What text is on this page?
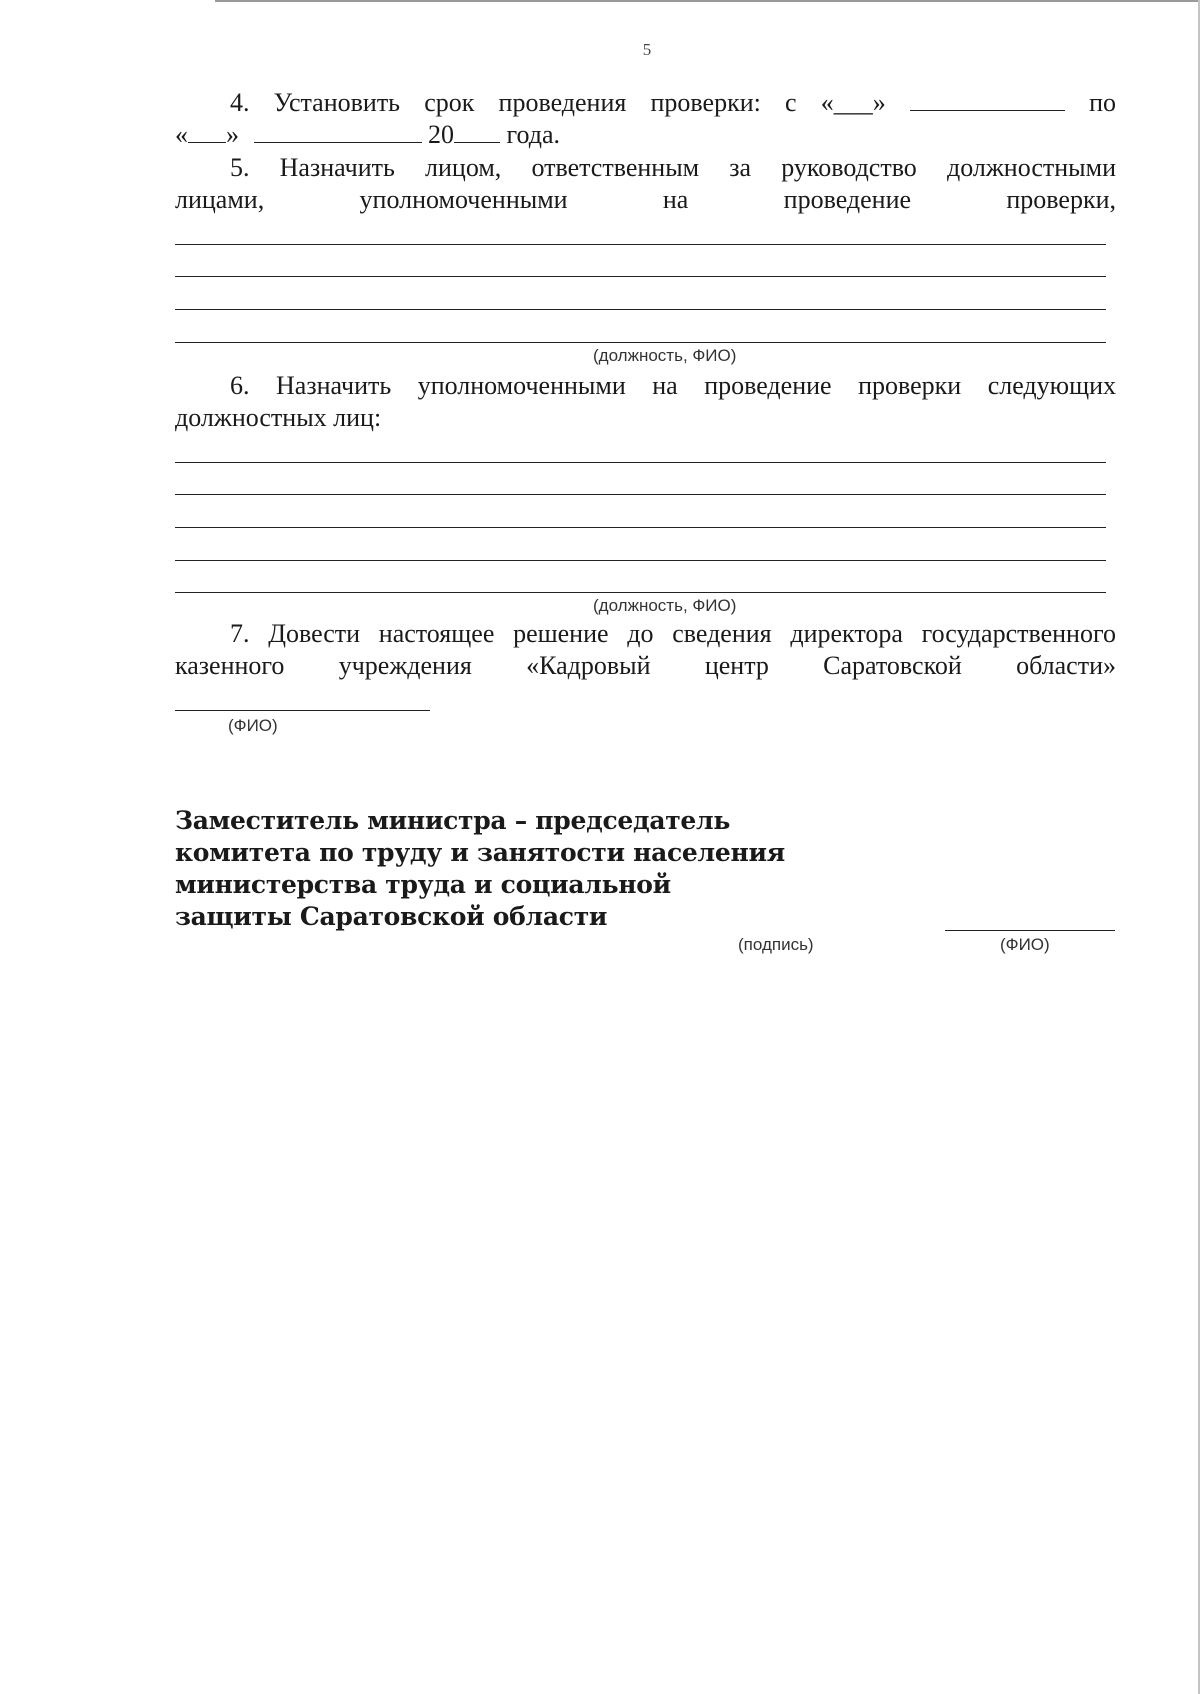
5
4. Установить срок проведения проверки: с «___»	по
« »	20 года.
5. Назначить лицом, ответственным за руководство должностными
лицами, уполномоченными на проведение проверки,
(должность, ФИО)
6. Назначить уполномоченными на проведение проверки следующих
должностных лиц:
(должность, ФИО)
7. Довести настоящее решение до сведения директора государственного
казенного учреждения «Кадровый центр Саратовской области»
(ФИО)
Заместитель министра – председатель
комитета по труду и занятости населения
министерства труда и социальной
защиты Саратовской области
(подпись)	(ФИО)
